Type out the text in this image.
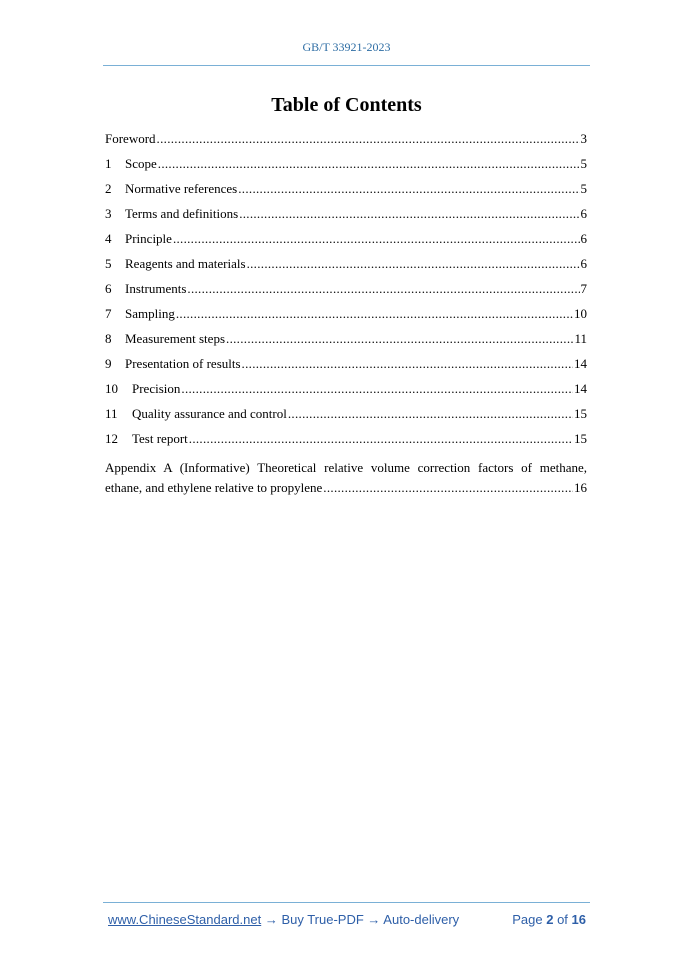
GB/T 33921-2023
Table of Contents
Foreword .....	3
1	Scope .....	5
2	Normative references .....	5
3	Terms and definitions .....	6
4	Principle .....	6
5	Reagents and materials .....	6
6	Instruments .....	7
7	Sampling .....	10
8	Measurement steps .....	11
9	Presentation of results .....	14
10	Precision .....	14
11	Quality assurance and control .....	15
12	Test report .....	15
Appendix A (Informative) Theoretical relative volume correction factors of methane,
ethane, and ethylene relative to propylene .....	16
www.ChineseStandard.net → Buy True-PDF → Auto-delivery	Page 2 of 16
